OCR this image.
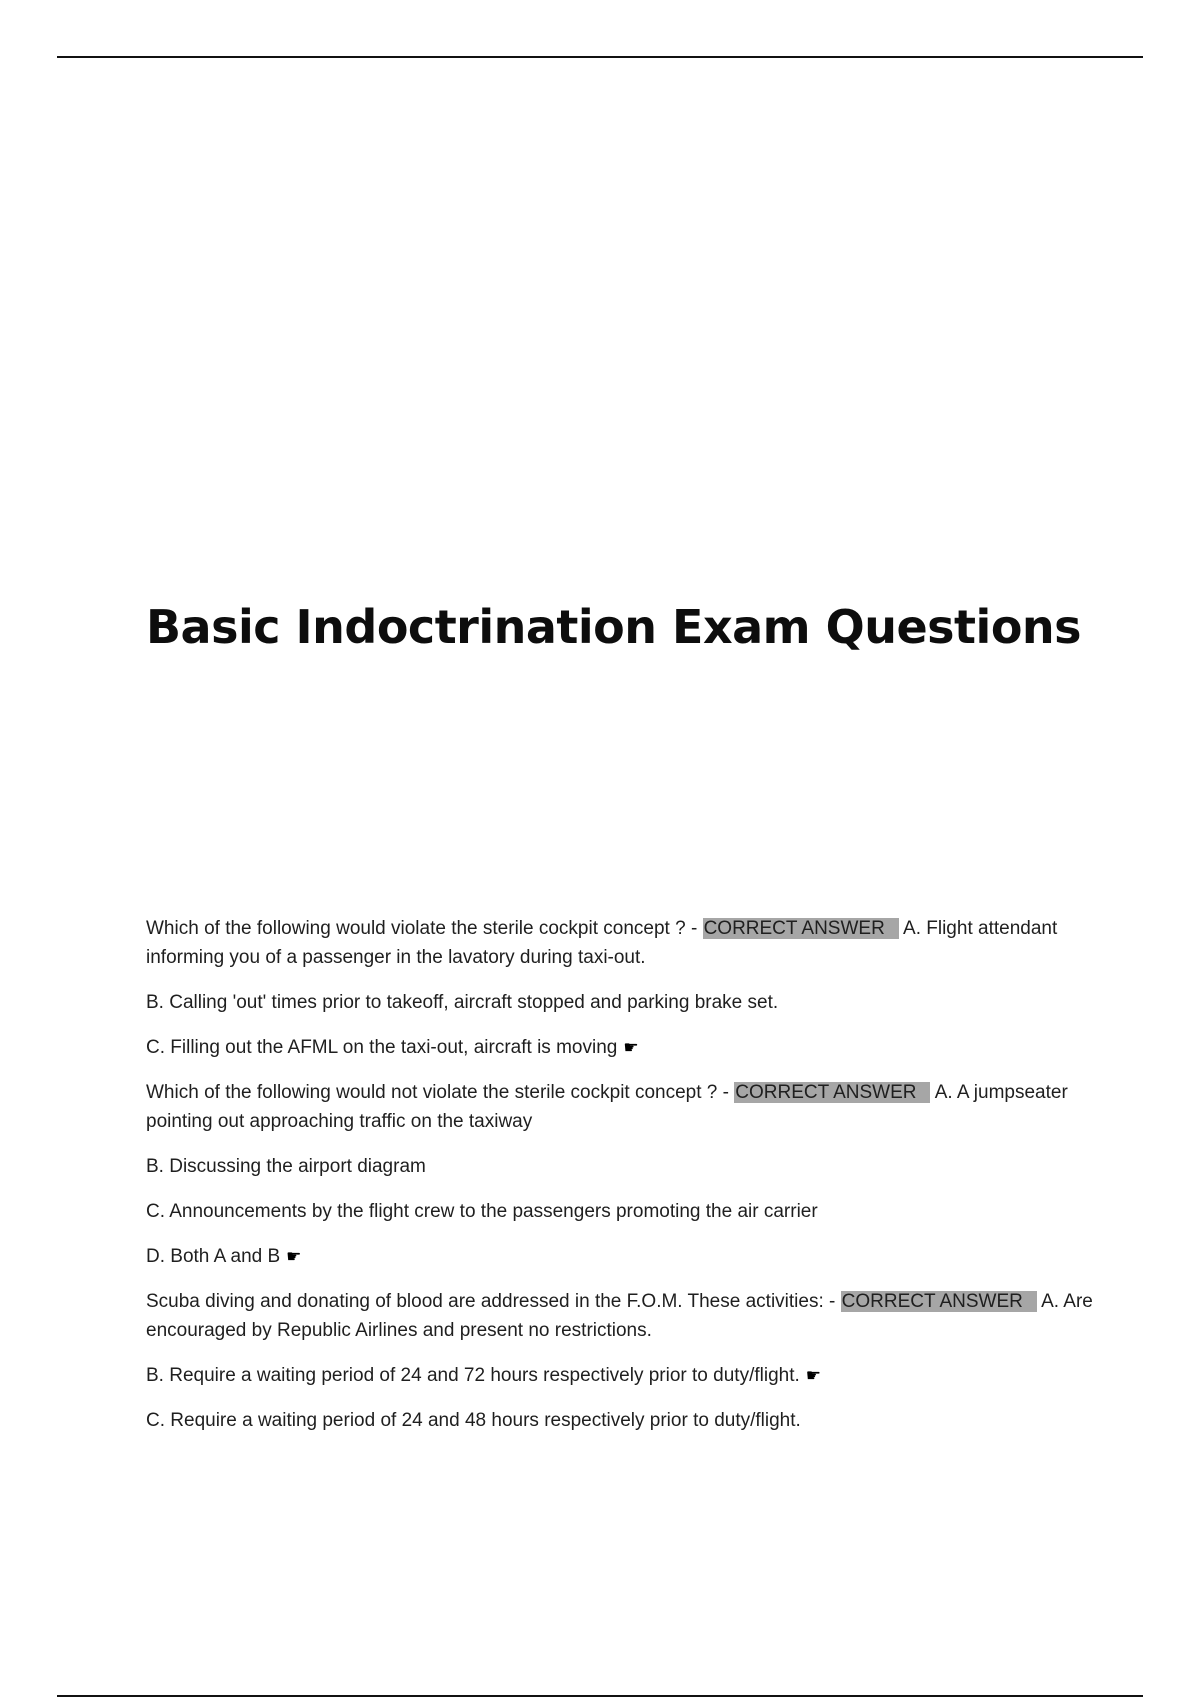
Basic Indoctrination Exam Questions

Which of the following would violate the sterile cockpit concept ? - CORRECT ANSWER A. Flight attendant informing you of a passenger in the lavatory during taxi-out.

B. Calling 'out' times prior to takeoff, aircraft stopped and parking brake set.

C. Filling out the AFML on the taxi-out, aircraft is moving ☛

Which of the following would not violate the sterile cockpit concept ? - CORRECT ANSWER A. A jumpseater pointing out approaching traffic on the taxiway

B. Discussing the airport diagram

C. Announcements by the flight crew to the passengers promoting the air carrier

D. Both A and B ☛

Scuba diving and donating of blood are addressed in the F.O.M. These activities: - CORRECT ANSWER A. Are encouraged by Republic Airlines and present no restrictions.

B. Require a waiting period of 24 and 72 hours respectively prior to duty/flight. ☛

C. Require a waiting period of 24 and 48 hours respectively prior to duty/flight.
